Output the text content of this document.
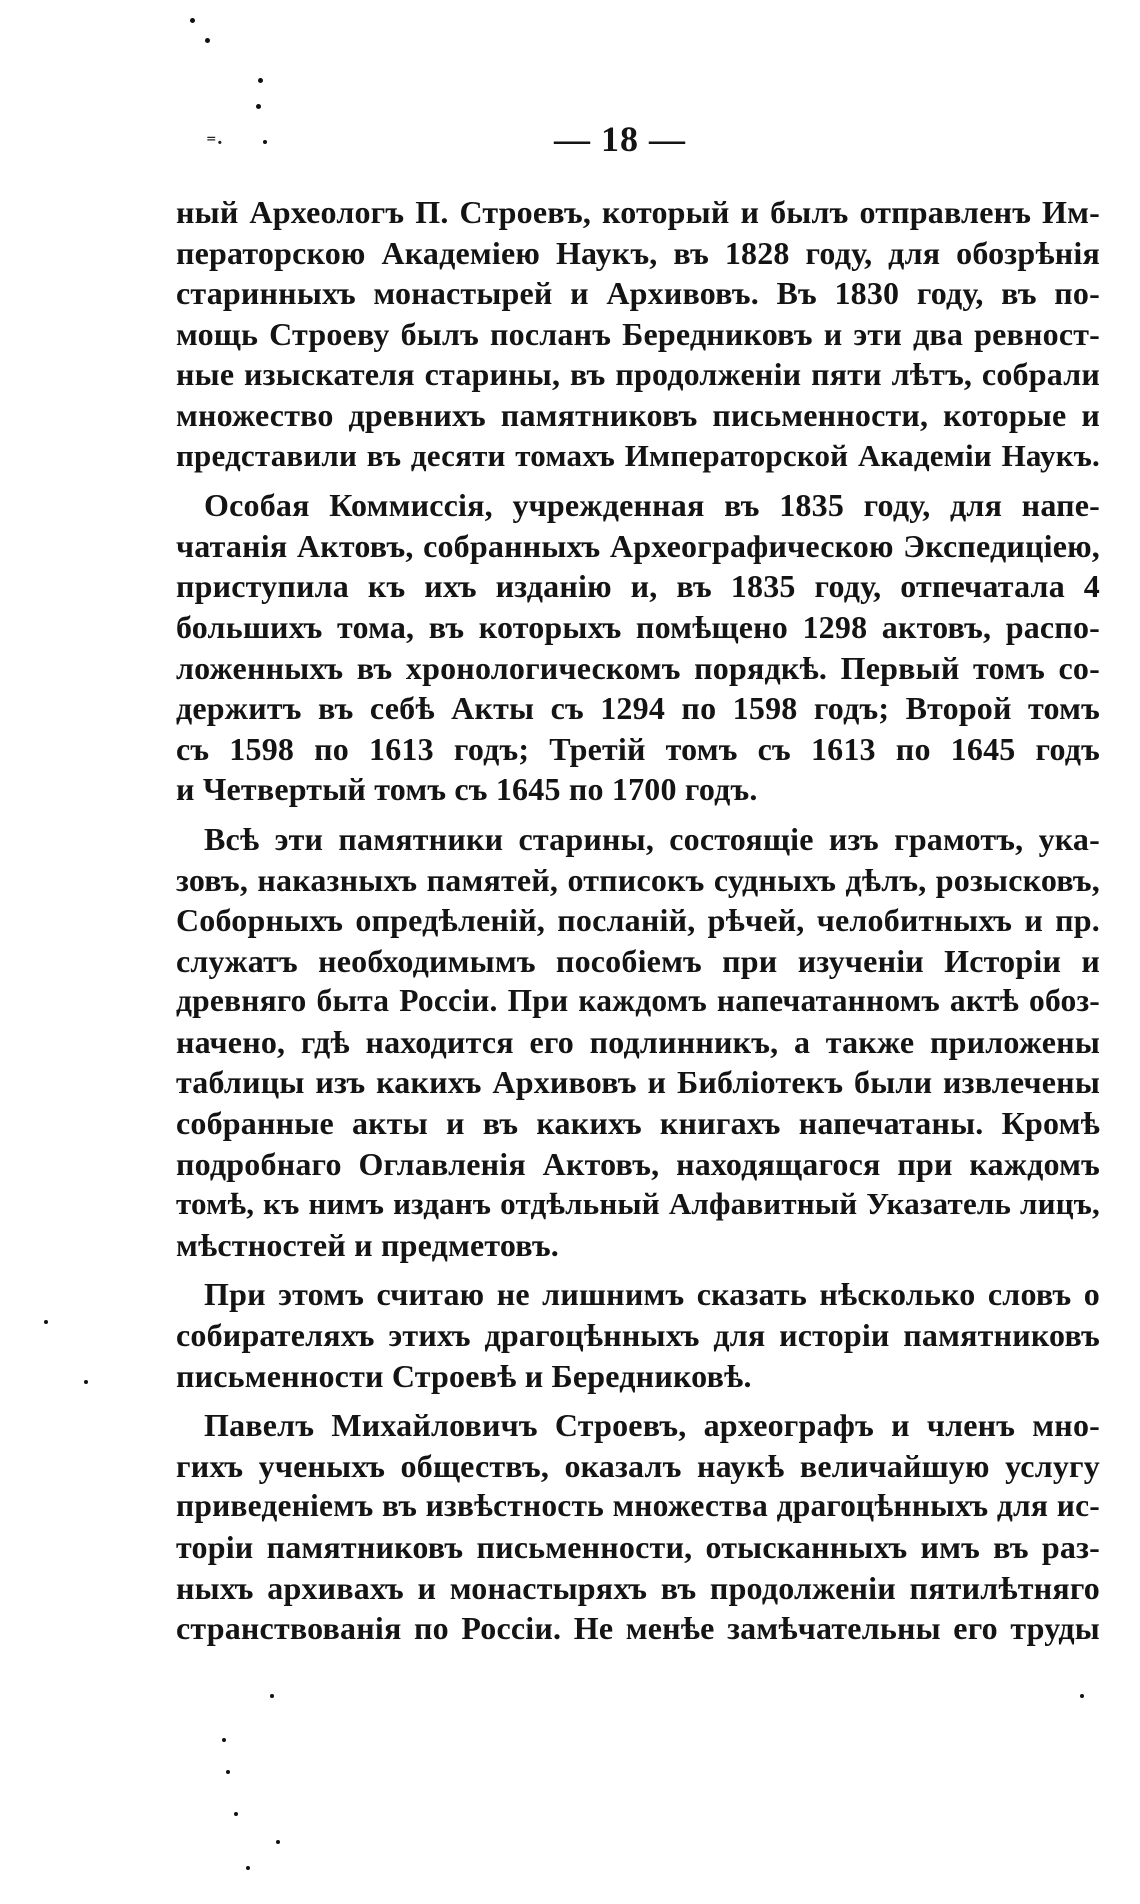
⁼·	— 18 —
ный Археологъ П. Строевъ, который и былъ отправленъ Им-
ператорскою Академіею Наукъ, въ 1828 году, для обозрѣнія
старинныхъ монастырей и Архивовъ. Въ 1830 году, въ по-
мощь Строеву былъ посланъ Бередниковъ и эти два ревност-
ные изыскателя старины, въ продолженіи пяти лѣтъ, собрали
множество древнихъ памятниковъ письменности, которые и
представили въ десяти томахъ Императорской Академіи Наукъ.
Особая Коммиссія, учрежденная въ 1835 году, для напе-
чатанія Актовъ, собранныхъ Археографическою Экспедиціею,
приступила къ ихъ изданію и, въ 1835 году, отпечатала 4
большихъ тома, въ которыхъ помѣщено 1298 актовъ, распо-
ложенныхъ въ хронологическомъ порядкѣ. Первый томъ со-
держитъ въ себѣ Акты съ 1294 по 1598 годъ; Второй томъ
съ 1598 по 1613 годъ; Третій томъ съ 1613 по 1645 годъ
и Четвертый томъ съ 1645 по 1700 годъ.
Всѣ эти памятники старины, состоящіе изъ грамотъ, ука-
зовъ, наказныхъ памятей, отписокъ судныхъ дѣлъ, розысковъ,
Соборныхъ опредѣленій, посланій, рѣчей, челобитныхъ и пр.
служатъ необходимымъ пособіемъ при изученіи Исторіи и
древняго быта Россіи. При каждомъ напечатанномъ актѣ обоз-
начено, гдѣ находится его подлинникъ, а также приложены
таблицы изъ какихъ Архивовъ и Библіотекъ были извлечены
собранные акты и въ какихъ книгахъ напечатаны. Кромѣ
подробнаго Оглавленія Актовъ, находящагося при каждомъ
томѣ, къ нимъ изданъ отдѣльный Алфавитный Указатель лицъ,
мѣстностей и предметовъ.
При этомъ считаю не лишнимъ сказать нѣсколько словъ о
собирателяхъ этихъ драгоцѣнныхъ для исторіи памятниковъ
письменности Строевѣ и Бередниковѣ.
Павелъ Михайловичъ Строевъ, археографъ и членъ мно-
гихъ ученыхъ обществъ, оказалъ наукѣ величайшую услугу
приведеніемъ въ извѣстность множества драгоцѣнныхъ для ис-
торіи памятниковъ письменности, отысканныхъ имъ въ раз-
ныхъ архивахъ и монастыряхъ въ продолженіи пятилѣтняго
странствованія по Россіи. Не менѣе замѣчательны его труды
